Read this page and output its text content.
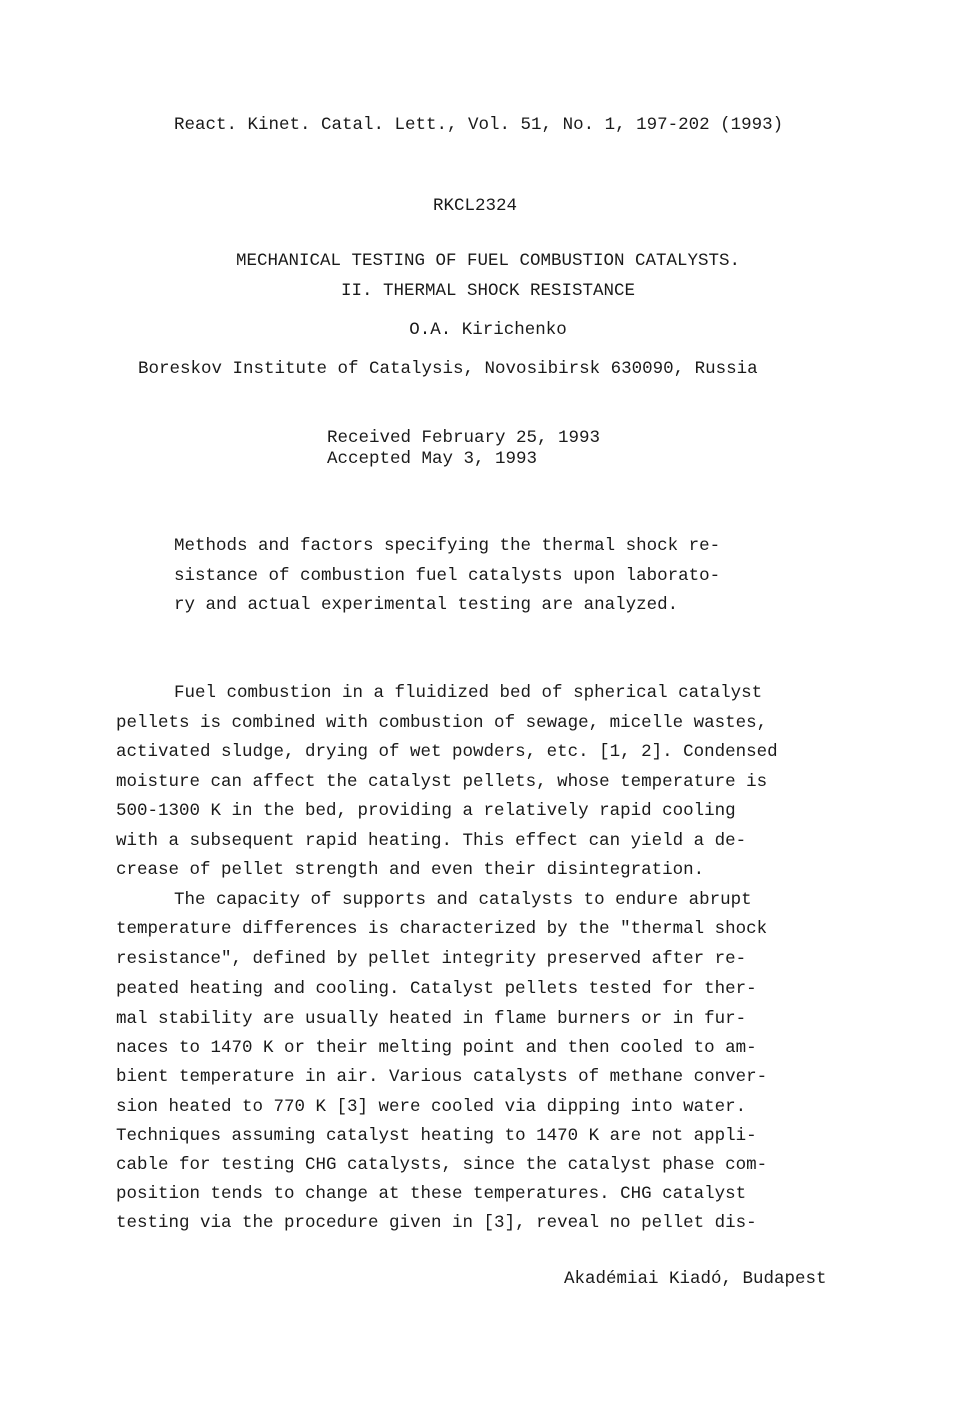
React. Kinet. Catal. Lett., Vol. 51, No. 1, 197-202 (1993)
RKCL2324
MECHANICAL TESTING OF FUEL COMBUSTION CATALYSTS.
II. THERMAL SHOCK RESISTANCE
O.A. Kirichenko
Boreskov Institute of Catalysis, Novosibirsk 630090, Russia
Received February 25, 1993
Accepted May 3, 1993
Methods and factors specifying the thermal shock re-
sistance of combustion fuel catalysts upon laborato-
ry and actual experimental testing are analyzed.
Fuel combustion in a fluidized bed of spherical catalyst
pellets is combined with combustion of sewage, micelle wastes,
activated sludge, drying of wet powders, etc. [1, 2]. Condensed
moisture can affect the catalyst pellets, whose temperature is
500-1300 K in the bed, providing a relatively rapid cooling
with a subsequent rapid heating. This effect can yield a de-
crease of pellet strength and even their disintegration.
The capacity of supports and catalysts to endure abrupt
temperature differences is characterized by the "thermal shock
resistance", defined by pellet integrity preserved after re-
peated heating and cooling. Catalyst pellets tested for ther-
mal stability are usually heated in flame burners or in fur-
naces to 1470 K or their melting point and then cooled to am-
bient temperature in air. Various catalysts of methane conver-
sion heated to 770 K [3] were cooled via dipping into water.
Techniques assuming catalyst heating to 1470 K are not appli-
cable for testing CHG catalysts, since the catalyst phase com-
position tends to change at these temperatures. CHG catalyst
testing via the procedure given in [3], reveal no pellet dis-
Akadémiai Kiadó, Budapest
